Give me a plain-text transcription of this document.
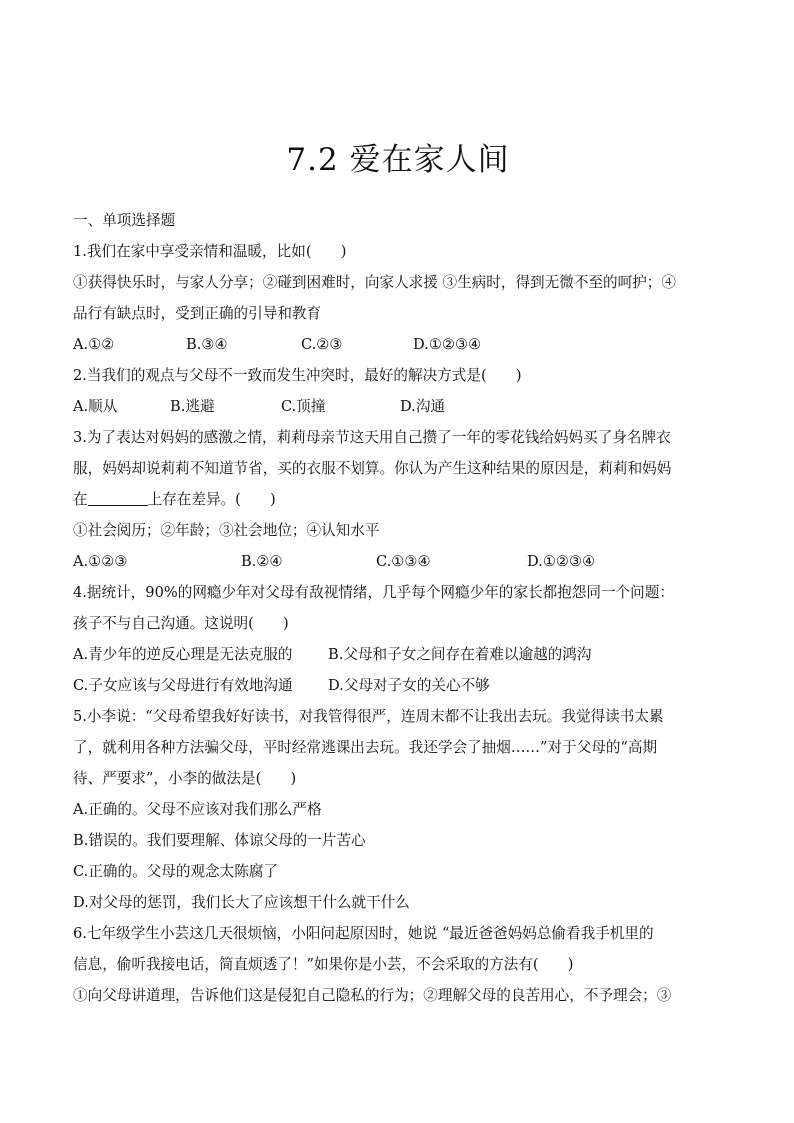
7.2 爱在家人间
一、单项选择题
1.我们在家中享受亲情和温暖，比如(　　)
①获得快乐时，与家人分享；②碰到困难时，向家人求援 ③生病时，得到无微不至的呵护；④
品行有缺点时，受到正确的引导和教育
A.①②	B.③④	C.②③	D.①②③④
2.当我们的观点与父母不一致而发生冲突时，最好的解决方式是(　　)
A.顺从	B.逃避	C.顶撞	D.沟通
3.为了表达对妈妈的感激之情，莉莉母亲节这天用自己攒了一年的零花钱给妈妈买了身名牌衣
服，妈妈却说莉莉不知道节省，买的衣服不划算。你认为产生这种结果的原因是，莉莉和妈妈
在	上存在差异。(　　)
①社会阅历；②年龄；③社会地位；④认知水平
A.①②③	B.②④	C.①③④	D.①②③④
4.据统计，90%的网瘾少年对父母有敌视情绪，几乎每个网瘾少年的家长都抱怨同一个问题：
孩子不与自己沟通。这说明(　　)
A.青少年的逆反心理是无法克服的 B.父母和子女之间存在着难以逾越的鸿沟
C.子女应该与父母进行有效地沟通 D.父母对子女的关心不够
5.小李说：“父母希望我好好读书，对我管得很严，连周末都不让我出去玩。我觉得读书太累
了，就利用各种方法骗父母，平时经常逃课出去玩。我还学会了抽烟……”对于父母的“高期
待、严要求”，小李的做法是(　　)
A.正确的。父母不应该对我们那么严格
B.错误的。我们要理解、体谅父母的一片苦心
C.正确的。父母的观念太陈腐了
D.对父母的惩罚，我们长大了应该想干什么就干什么
6.七年级学生小芸这几天很烦恼，小阳问起原因时，她说 “最近爸爸妈妈总偷看我手机里的
信息，偷听我接电话，简直烦透了！”如果你是小芸，不会采取的方法有(　　)
①向父母讲道理，告诉他们这是侵犯自己隐私的行为；②理解父母的良苦用心，不予理会；③
